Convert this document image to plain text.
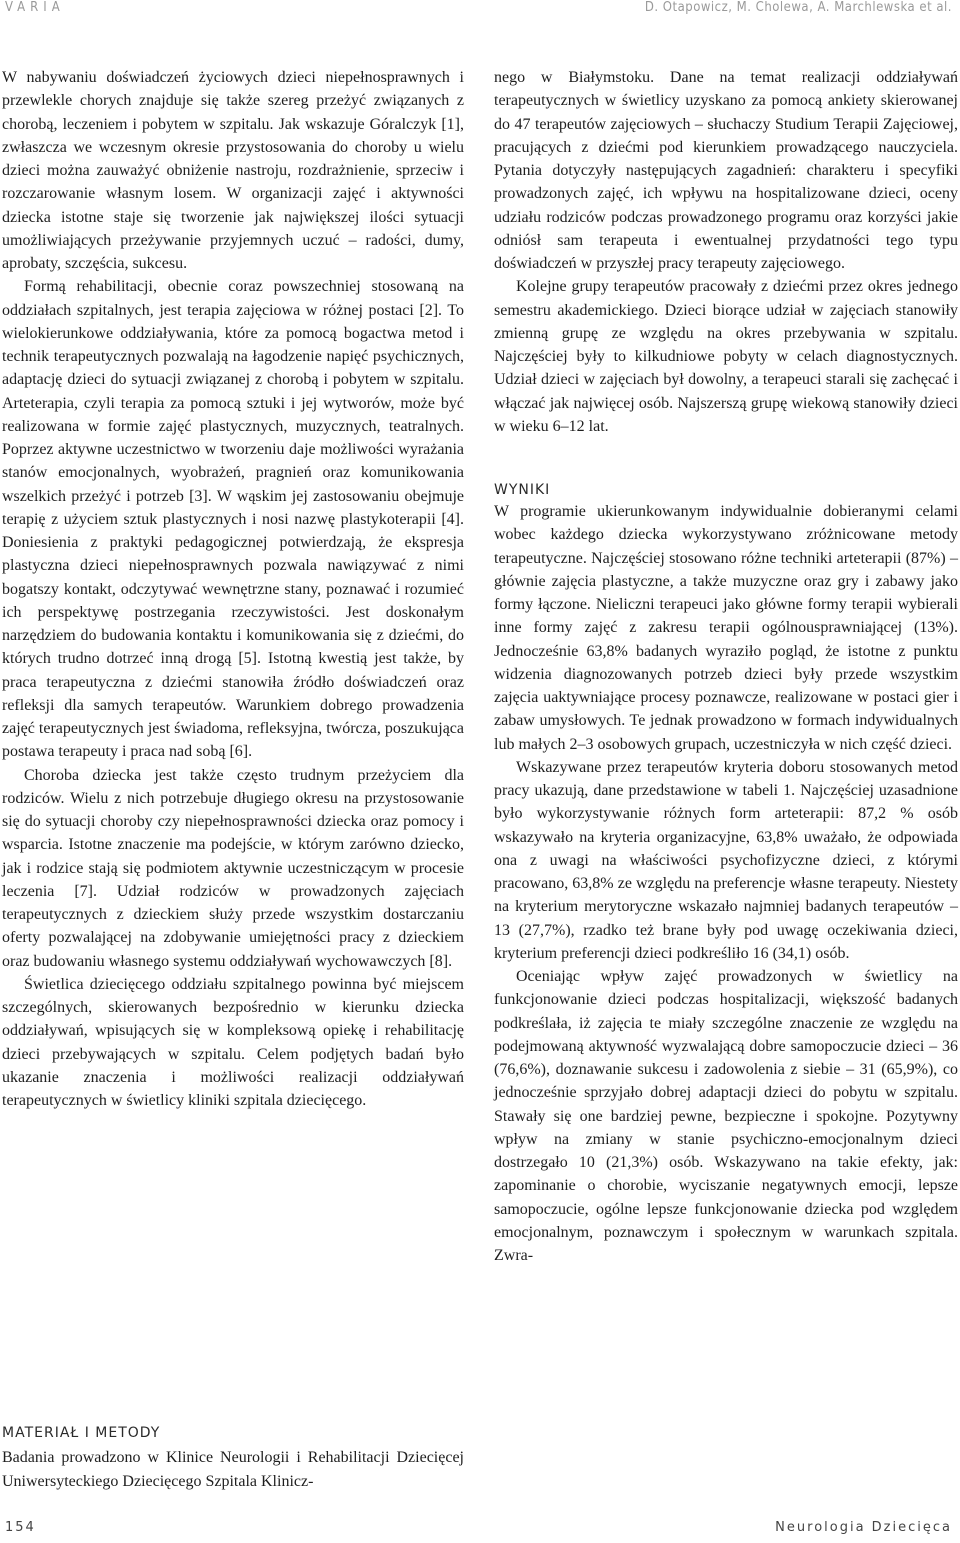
VARIA	D. Otapowicz, M. Cholewa, A. Marchlewska et al.

W nabywaniu doświadczeń życiowych dzieci niepełnosprawnych i przewlekle chorych znajduje się także szereg przeżyć związanych z chorobą, leczeniem i pobytem w szpitalu. Jak wskazuje Góralczyk [1], zwłaszcza we wczesnym okresie przystosowania do choroby u wielu dzieci można zauważyć obniżenie nastroju, rozdrażnienie, sprzeciw i rozczarowanie własnym losem. W organizacji zajęć i aktywności dziecka istotne staje się tworzenie jak największej ilości sytuacji umożliwiających przeżywanie przyjemnych uczuć – radości, dumy, aprobaty, szczęścia, sukcesu.

Formą rehabilitacji, obecnie coraz powszechniej stosowaną na oddziałach szpitalnych, jest terapia zajęciowa w różnej postaci [2]. To wielokierunkowe oddziaływania, które za pomocą bogactwa metod i technik terapeutycznych pozwalają na łagodzenie napięć psychicznych, adaptację dzieci do sytuacji związanej z chorobą i pobytem w szpitalu. Arteterapia, czyli terapia za pomocą sztuki i jej wytworów, może być realizowana w formie zajęć plastycznych, muzycznych, teatralnych. Poprzez aktywne uczestnictwo w tworzeniu daje możliwości wyrażania stanów emocjonalnych, wyobrażeń, pragnień oraz komunikowania wszelkich przeżyć i potrzeb [3]. W wąskim jej zastosowaniu obejmuje terapię z użyciem sztuk plastycznych i nosi nazwę plastykoterapii [4]. Doniesienia z praktyki pedagogicznej potwierdzają, że ekspresja plastyczna dzieci niepełnosprawnych pozwala nawiązywać z nimi bogatszy kontakt, odczytywać wewnętrzne stany, poznawać i rozumieć ich perspektywę postrzegania rzeczywistości. Jest doskonałym narzędziem do budowania kontaktu i komunikowania się z dziećmi, do których trudno dotrzeć inną drogą [5]. Istotną kwestią jest także, by praca terapeutyczna z dziećmi stanowiła źródło doświadczeń oraz refleksji dla samych terapeutów. Warunkiem dobrego prowadzenia zajęć terapeutycznych jest świadoma, refleksyjna, twórcza, poszukująca postawa terapeuty i praca nad sobą [6].

Choroba dziecka jest także często trudnym przeżyciem dla rodziców. Wielu z nich potrzebuje długiego okresu na przystosowanie się do sytuacji choroby czy niepełnosprawności dziecka oraz pomocy i wsparcia. Istotne znaczenie ma podejście, w którym zarówno dziecko, jak i rodzice stają się podmiotem aktywnie uczestniczącym w procesie leczenia [7]. Udział rodziców w prowadzonych zajęciach terapeutycznych z dzieckiem służy przede wszystkim dostarczaniu oferty pozwalającej na zdobywanie umiejętności pracy z dzieckiem oraz budowaniu własnego systemu oddziaływań wychowawczych [8].

Świetlica dziecięcego oddziału szpitalnego powinna być miejscem szczególnych, skierowanych bezpośrednio w kierunku dziecka oddziaływań, wpisujących się w kompleksową opiekę i rehabilitację dzieci przebywających w szpitalu. Celem podjętych badań było ukazanie znaczenia i możliwości realizacji oddziaływań terapeutycznych w świetlicy kliniki szpitala dziecięcego.

MATERIAŁ I METODY
Badania prowadzono w Klinice Neurologii i Rehabilitacji Dziecięcej Uniwersyteckiego Dziecięcego Szpitala Klinicz-

nego w Białymstoku. Dane na temat realizacji oddziaływań terapeutycznych w świetlicy uzyskano za pomocą ankiety skierowanej do 47 terapeutów zajęciowych – słuchaczy Studium Terapii Zajęciowej, pracujących z dziećmi pod kierunkiem prowadzącego nauczyciela. Pytania dotyczyły następujących zagadnień: charakteru i specyfiki prowadzonych zajęć, ich wpływu na hospitalizowane dzieci, oceny udziału rodziców podczas prowadzonego programu oraz korzyści jakie odniósł sam terapeuta i ewentualnej przydatności tego typu doświadczeń w przyszłej pracy terapeuty zajęciowego.

Kolejne grupy terapeutów pracowały z dziećmi przez okres jednego semestru akademickiego. Dzieci biorące udział w zajęciach stanowiły zmienną grupę ze względu na okres przebywania w szpitalu. Najczęściej były to kilkudniowe pobyty w celach diagnostycznych. Udział dzieci w zajęciach był dowolny, a terapeuci starali się zachęcać i włączać jak najwięcej osób. Najszerszą grupę wiekową stanowiły dzieci w wieku 6–12 lat.

WYNIKI

W programie ukierunkowanym indywidualnie dobieranymi celami wobec każdego dziecka wykorzystywano zróżnicowane metody terapeutyczne. Najczęściej stosowano różne techniki arteterapii (87%) – głównie zajęcia plastyczne, a także muzyczne oraz gry i zabawy jako formy łączone. Nieliczni terapeuci jako główne formy terapii wybierali inne formy zajęć z zakresu terapii ogólnousprawniającej (13%). Jednocześnie 63,8% badanych wyraziło pogląd, że istotne z punktu widzenia diagnozowanych potrzeb dzieci były przede wszystkim zajęcia uaktywniające procesy poznawcze, realizowane w postaci gier i zabaw umysłowych. Te jednak prowadzono w formach indywidualnych lub małych 2–3 osobowych grupach, uczestniczyła w nich część dzieci.

Wskazywane przez terapeutów kryteria doboru stosowanych metod pracy ukazują, dane przedstawione w tabeli 1. Najczęściej uzasadnione było wykorzystywanie różnych form arteterapii: 87,2 % osób wskazywało na kryteria organizacyjne, 63,8% uważało, że odpowiada ona z uwagi na właściwości psychofizyczne dzieci, z którymi pracowano, 63,8% ze względu na preferencje własne terapeuty. Niestety na kryterium merytoryczne wskazało najmniej badanych terapeutów –13 (27,7%), rzadko też brane były pod uwagę oczekiwania dzieci, kryterium preferencji dzieci podkreśliło 16 (34,1) osób.

Oceniając wpływ zajęć prowadzonych w świetlicy na funkcjonowanie dzieci podczas hospitalizacji, większość badanych podkreślała, iż zajęcia te miały szczególne znaczenie ze względu na podejmowaną aktywność wyzwalającą dobre samopoczucie dzieci – 36 (76,6%), doznawanie sukcesu i zadowolenia z siebie – 31 (65,9%), co jednocześnie sprzyjało dobrej adaptacji dzieci do pobytu w szpitalu. Stawały się one bardziej pewne, bezpieczne i spokojne. Pozytywny wpływ na zmiany w stanie psychiczno-emocjonalnym dzieci dostrzegało 10 (21,3%) osób. Wskazywano na takie efekty, jak: zapominanie o chorobie, wyciszanie negatywnych emocji, lepsze samopoczucie, ogólne lepsze funkcjonowanie dziecka pod względem emocjonalnym, poznawczym i społecznym w warunkach szpitala. Zwra-

154	Neurologia Dziecięca
